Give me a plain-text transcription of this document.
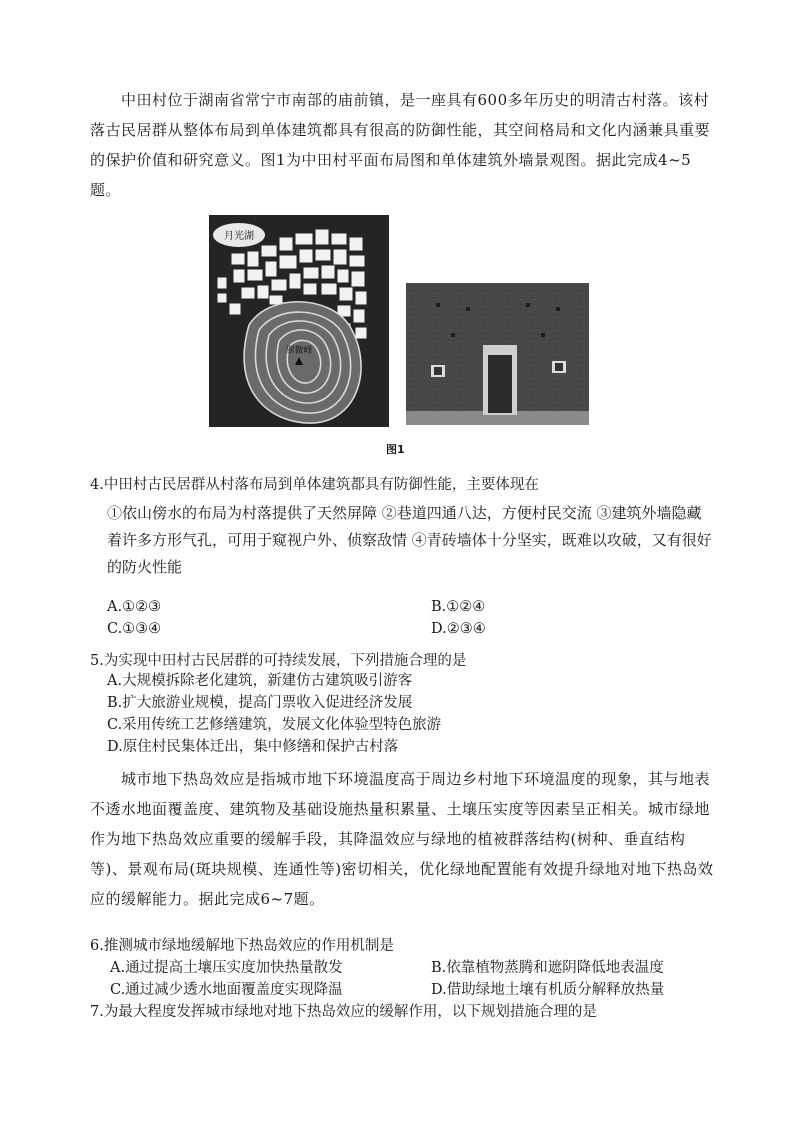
中田村位于湖南省常宁市南部的庙前镇，是一座具有600多年历史的明清古村落。该村落古民居群从整体布局到单体建筑都具有很高的防御性能，其空间格局和文化内涵兼具重要的保护价值和研究意义。图1为中田村平面布局图和单体建筑外墙景观图。据此完成4~5题。

月光湖
翠微峰
图1
4.中田村古民居群从村落布局到单体建筑都具有防御性能，主要体现在
①依山傍水的布局为村落提供了天然屏障 ②巷道四通八达，方便村民交流 ③建筑外墙隐藏着许多方形气孔，可用于窥视户外、侦察敌情 ④青砖墙体十分坚实，既难以攻破，又有很好的防火性能
A.①②③	B.①②④
C.①③④	D.②③④
5.为实现中田村古民居群的可持续发展，下列措施合理的是
A.大规模拆除老化建筑，新建仿古建筑吸引游客
B.扩大旅游业规模，提高门票收入促进经济发展
C.采用传统工艺修缮建筑，发展文化体验型特色旅游
D.原住村民集体迁出，集中修缮和保护古村落

城市地下热岛效应是指城市地下环境温度高于周边乡村地下环境温度的现象，其与地表不透水地面覆盖度、建筑物及基础设施热量积累量、土壤压实度等因素呈正相关。城市绿地作为地下热岛效应重要的缓解手段，其降温效应与绿地的植被群落结构(树种、垂直结构等)、景观布局(斑块规模、连通性等)密切相关，优化绿地配置能有效提升绿地对地下热岛效应的缓解能力。据此完成6~7题。

6.推测城市绿地缓解地下热岛效应的作用机制是
A.通过提高土壤压实度加快热量散发	B.依靠植物蒸腾和遮阴降低地表温度
C.通过减少透水地面覆盖度实现降温	D.借助绿地土壤有机质分解释放热量
7.为最大程度发挥城市绿地对地下热岛效应的缓解作用，以下规划措施合理的是
